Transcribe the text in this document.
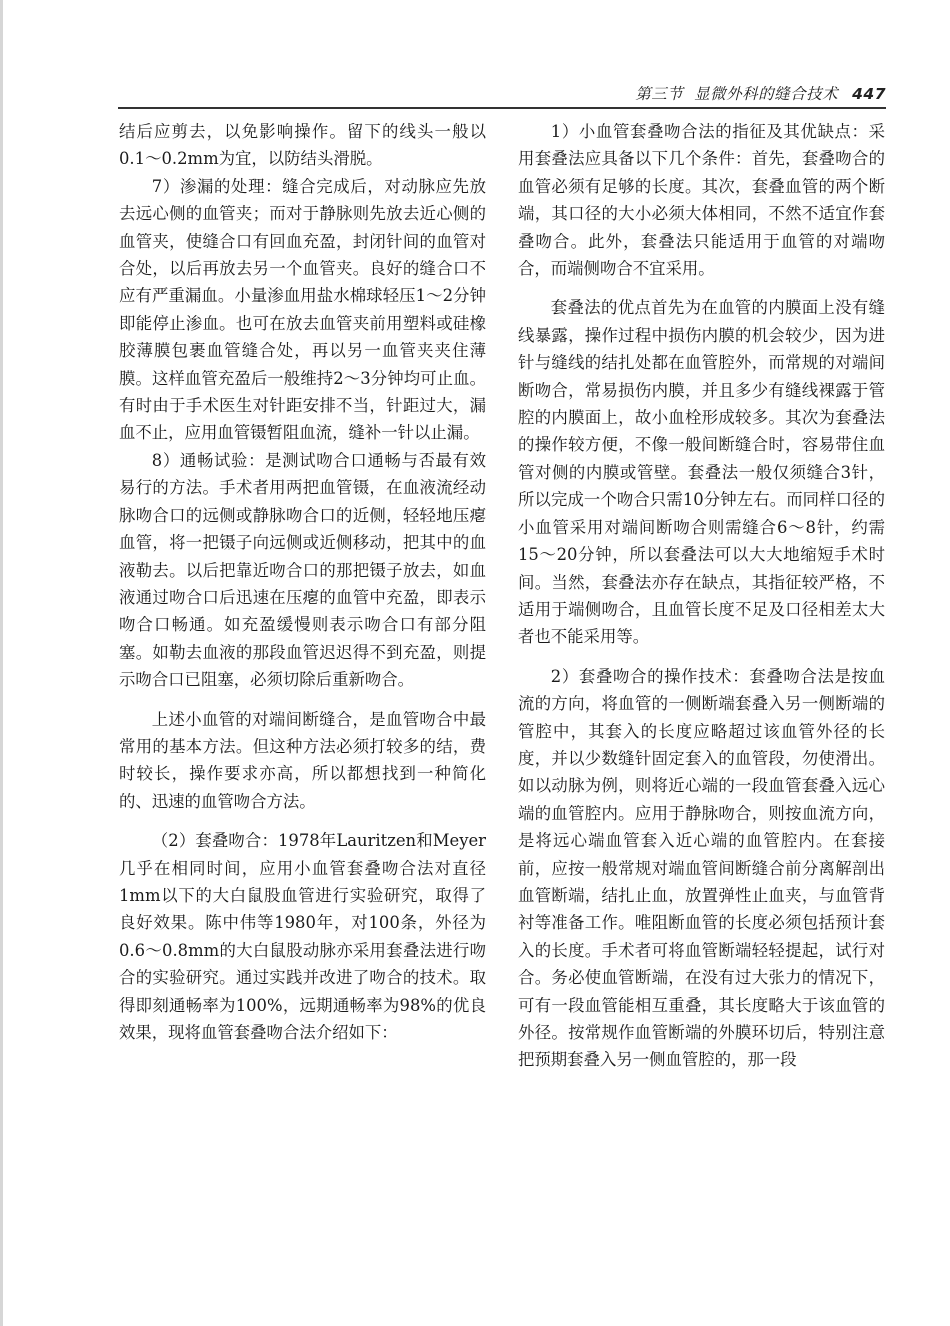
第三节 显微外科的缝合技术 447

结后应剪去，以免影响操作。留下的线头一般以0.1～0.2mm为宜，以防结头滑脱。

7）渗漏的处理：缝合完成后，对动脉应先放去远心侧的血管夹；而对于静脉则先放去近心侧的血管夹，使缝合口有回血充盈，封闭针间的血管对合处，以后再放去另一个血管夹。良好的缝合口不应有严重漏血。小量渗血用盐水棉球轻压1～2分钟即能停止渗血。也可在放去血管夹前用塑料或硅橡胶薄膜包裹血管缝合处，再以另一血管夹夹住薄膜。这样血管充盈后一般维持2～3分钟均可止血。有时由于手术医生对针距安排不当，针距过大，漏血不止，应用血管镊暂阻血流，缝补一针以止漏。

8）通畅试验：是测试吻合口通畅与否最有效易行的方法。手术者用两把血管镊，在血液流经动脉吻合口的远侧或静脉吻合口的近侧，轻轻地压瘪血管，将一把镊子向远侧或近侧移动，把其中的血液勒去。以后把靠近吻合口的那把镊子放去，如血液通过吻合口后迅速在压瘪的血管中充盈，即表示吻合口畅通。如充盈缓慢则表示吻合口有部分阻塞。如勒去血液的那段血管迟迟得不到充盈，则提示吻合口已阻塞，必须切除后重新吻合。

上述小血管的对端间断缝合，是血管吻合中最常用的基本方法。但这种方法必须打较多的结，费时较长，操作要求亦高，所以都想找到一种简化的、迅速的血管吻合方法。

（2）套叠吻合：1978年Lauritzen和Meyer几乎在相同时间，应用小血管套叠吻合法对直径1mm以下的大白鼠股血管进行实验研究，取得了良好效果。陈中伟等1980年，对100条，外径为0.6～0.8mm的大白鼠股动脉亦采用套叠法进行吻合的实验研究。通过实践并改进了吻合的技术。取得即刻通畅率为100%，远期通畅率为98%的优良效果，现将血管套叠吻合法介绍如下：

1）小血管套叠吻合法的指征及其优缺点：采用套叠法应具备以下几个条件：首先，套叠吻合的血管必须有足够的长度。其次，套叠血管的两个断端，其口径的大小必须大体相同，不然不适宜作套叠吻合。此外，套叠法只能适用于血管的对端吻合，而端侧吻合不宜采用。

套叠法的优点首先为在血管的内膜面上没有缝线暴露，操作过程中损伤内膜的机会较少，因为进针与缝线的结扎处都在血管腔外，而常规的对端间断吻合，常易损伤内膜，并且多少有缝线裸露于管腔的内膜面上，故小血栓形成较多。其次为套叠法的操作较方便，不像一般间断缝合时，容易带住血管对侧的内膜或管壁。套叠法一般仅须缝合3针，所以完成一个吻合只需10分钟左右。而同样口径的小血管采用对端间断吻合则需缝合6～8针，约需15～20分钟，所以套叠法可以大大地缩短手术时间。当然，套叠法亦存在缺点，其指征较严格，不适用于端侧吻合，且血管长度不足及口径相差太大者也不能采用等。

2）套叠吻合的操作技术：套叠吻合法是按血流的方向，将血管的一侧断端套叠入另一侧断端的管腔中，其套入的长度应略超过该血管外径的长度，并以少数缝针固定套入的血管段，勿使滑出。如以动脉为例，则将近心端的一段血管套叠入远心端的血管腔内。应用于静脉吻合，则按血流方向，是将远心端血管套入近心端的血管腔内。在套接前，应按一般常规对端血管间断缝合前分离解剖出血管断端，结扎止血，放置弹性止血夹，与血管背衬等准备工作。唯阻断血管的长度必须包括预计套入的长度。手术者可将血管断端轻轻提起，试行对合。务必使血管断端，在没有过大张力的情况下，可有一段血管能相互重叠，其长度略大于该血管的外径。按常规作血管断端的外膜环切后，特别注意把预期套叠入另一侧血管腔的，那一段
